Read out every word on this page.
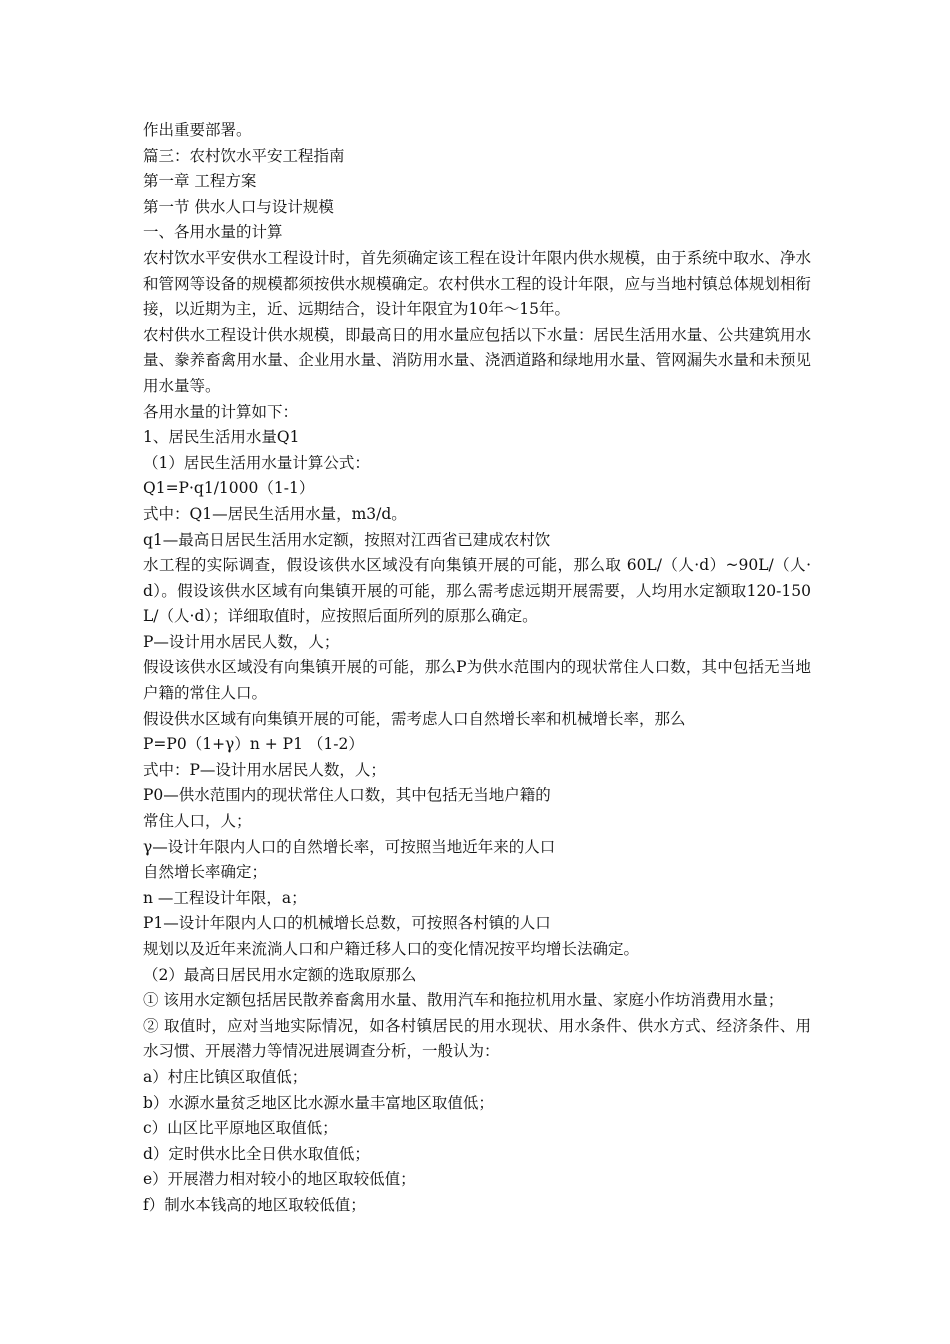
作出重要部署。

篇三：农村饮水平安工程指南

第一章 工程方案

第一节 供水人口与设计规模

一、各用水量的计算

农村饮水平安供水工程设计时，首先须确定该工程在设计年限内供水规模，由于系统中取水、净水和管网等设备的规模都须按供水规模确定。农村供水工程的设计年限，应与当地村镇总体规划相衔接，以近期为主，近、远期结合，设计年限宜为10年～15年。

农村供水工程设计供水规模，即最高日的用水量应包括以下水量：居民生活用水量、公共建筑用水量、豢养畜禽用水量、企业用水量、消防用水量、浇洒道路和绿地用水量、管网漏失水量和未预见用水量等。

各用水量的计算如下：

1、居民生活用水量Q1

（1）居民生活用水量计算公式：

Q1=P·q1/1000（1-1）

式中：Q1—居民生活用水量，m3/d。

q1—最高日居民生活用水定额，按照对江西省已建成农村饮

水工程的实际调查，假设该供水区域没有向集镇开展的可能，那么取 60L/（人·d）~90L/（人·d）。假设该供水区域有向集镇开展的可能，那么需考虑远期开展需要，人均用水定额取120-150L/（人·d）；详细取值时，应按照后面所列的原那么确定。

P—设计用水居民人数，人；

假设该供水区域没有向集镇开展的可能，那么P为供水范围内的现状常住人口数，其中包括无当地户籍的常住人口。

假设供水区域有向集镇开展的可能，需考虑人口自然增长率和机械增长率，那么

P=P0（1+γ）n + P1 （1-2）

式中：P—设计用水居民人数，人；

P0—供水范围内的现状常住人口数，其中包括无当地户籍的

常住人口，人；

γ—设计年限内人口的自然增长率，可按照当地近年来的人口

自然增长率确定；

n —工程设计年限，a；

P1—设计年限内人口的机械增长总数，可按照各村镇的人口

规划以及近年来流淌人口和户籍迁移人口的变化情况按平均增长法确定。

（2）最高日居民用水定额的选取原那么

① 该用水定额包括居民散养畜禽用水量、散用汽车和拖拉机用水量、家庭小作坊消费用水量；

② 取值时，应对当地实际情况，如各村镇居民的用水现状、用水条件、供水方式、经济条件、用水习惯、开展潜力等情况进展调查分析，一般认为：

a）村庄比镇区取值低；

b）水源水量贫乏地区比水源水量丰富地区取值低；

c）山区比平原地区取值低；

d）定时供水比全日供水取值低；

e）开展潜力相对较小的地区取较低值；

f）制水本钱高的地区取较低值；
